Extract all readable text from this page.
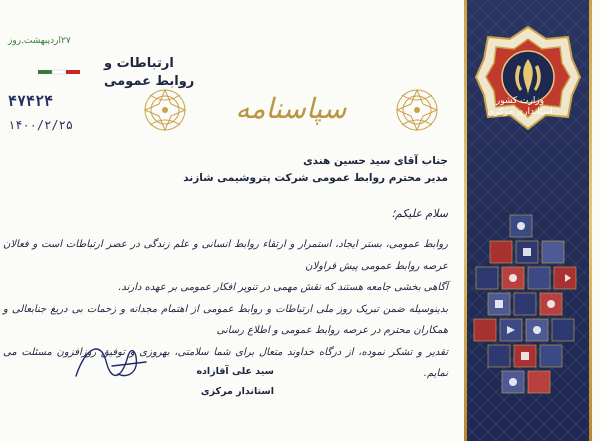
۲۷اردیبهشت.روز
ارتباطات و
روابط عمومی
۴۷۴۲۴
۱۴۰۰/۲/۲۵	سپاسنامه
جناب آقای سید حسین هندی
مدیر محترم روابط عمومی شرکت پتروشیمی شازند
سلام علیکم؛
روابط عمومی، بستر ایجاد، استمرار و ارتقاء روابط انسانی و علم زندگی در عصر ارتباطات است و فعالان عرصه روابط عمومی پیش قراولان
آگاهی بخشی جامعه هستند که نقش مهمی در تنویر افکار عمومی بر عهده دارند.
بدینوسیله ضمن تبریک روز ملی ارتباطات و روابط عمومی از اهتمام مجدانه و زحمات بی دریغ جنابعالی و همکاران محترم در عرصه روابط عمومی و اطلاع رسانی
تقدیر و تشکر نموده، از درگاه خداوند متعال برای شما سلامتی، بهروزی و توفیق روزافزون مسئلت می نمایم.
سید علی آقازاده
استاندار مرکزی
وزارت کشور
استانداری مرکزی
